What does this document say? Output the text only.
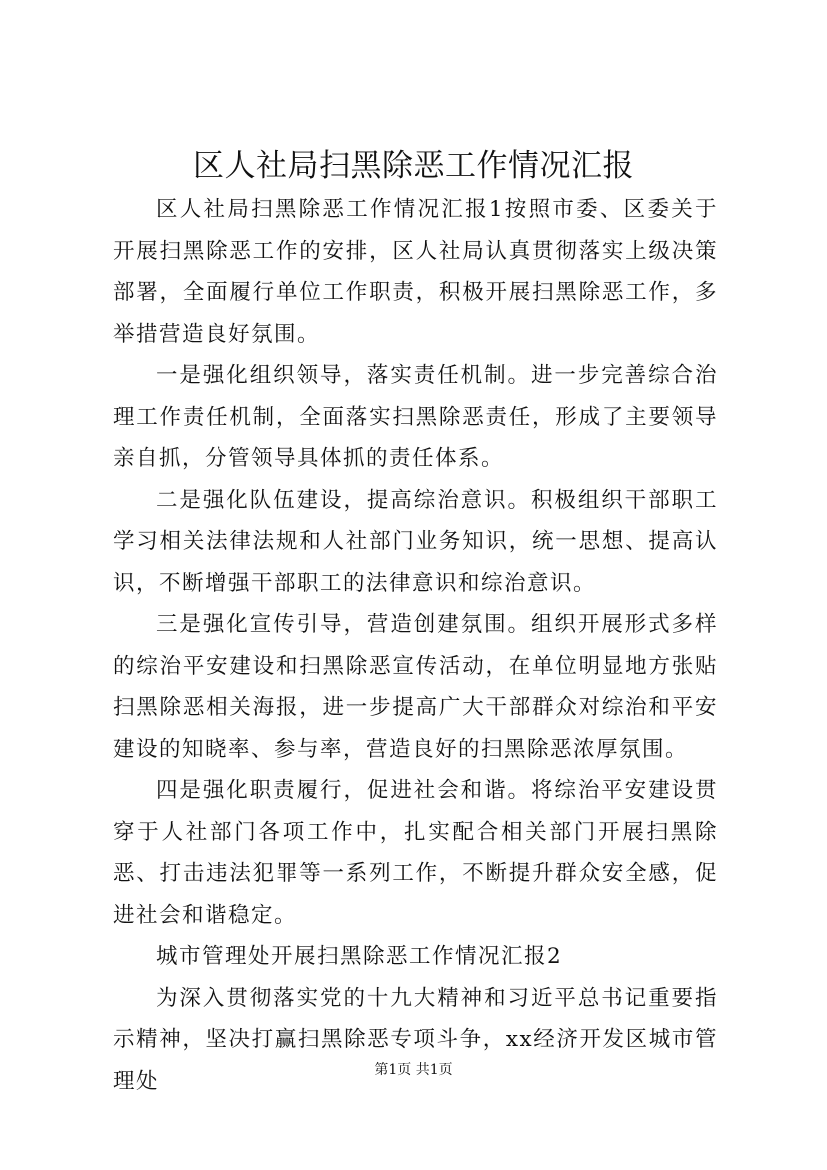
区人社局扫黑除恶工作情况汇报

区人社局扫黑除恶工作情况汇报1按照市委、区委关于开展扫黑除恶工作的安排，区人社局认真贯彻落实上级决策部署，全面履行单位工作职责，积极开展扫黑除恶工作，多举措营造良好氛围。

一是强化组织领导，落实责任机制。进一步完善综合治理工作责任机制，全面落实扫黑除恶责任，形成了主要领导亲自抓，分管领导具体抓的责任体系。

二是强化队伍建设，提高综治意识。积极组织干部职工学习相关法律法规和人社部门业务知识，统一思想、提高认识，不断增强干部职工的法律意识和综治意识。

三是强化宣传引导，营造创建氛围。组织开展形式多样的综治平安建设和扫黑除恶宣传活动，在单位明显地方张贴扫黑除恶相关海报，进一步提高广大干部群众对综治和平安建设的知晓率、参与率，营造良好的扫黑除恶浓厚氛围。

四是强化职责履行，促进社会和谐。将综治平安建设贯穿于人社部门各项工作中，扎实配合相关部门开展扫黑除恶、打击违法犯罪等一系列工作，不断提升群众安全感，促进社会和谐稳定。

城市管理处开展扫黑除恶工作情况汇报2

为深入贯彻落实党的十九大精神和习近平总书记重要指示精神，坚决打赢扫黑除恶专项斗争，xx经济开发区城市管理处	第1页 共1页
